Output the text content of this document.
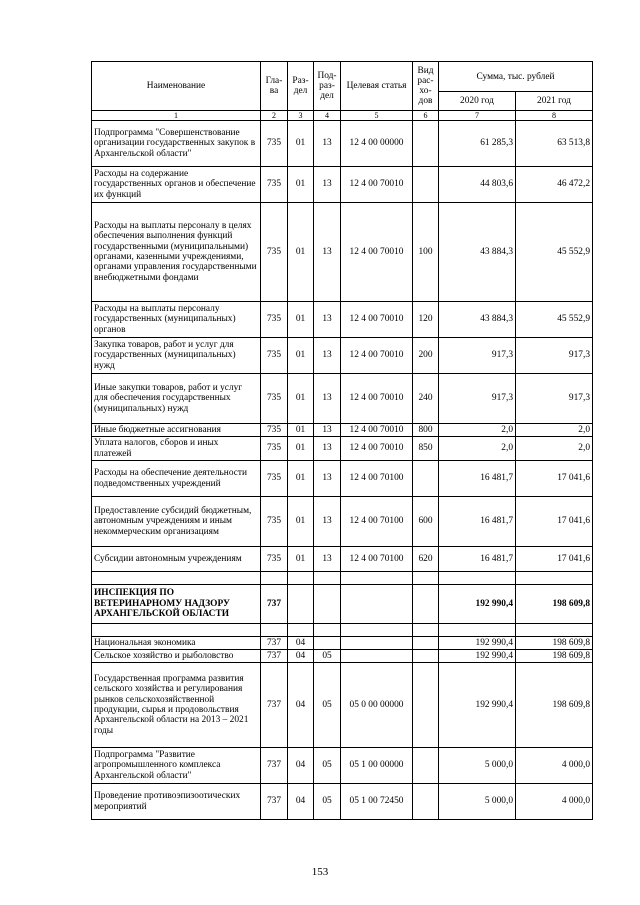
Наименование	Гла-ва	Раз-дел	Под-раз-дел	Целевая статья	Вид рас-хо-дов	Сумма, тыс. рублей	
						2020 год	2021 год
1	2	3	4	5	6	7	8
Подпрограмма "Совершенствование организации государственных закупок в Архангельской области"	735	01	13	12 4 00 00000		61 285,3	63 513,8
Расходы на содержание государственных органов и обеспечение их функций	735	01	13	12 4 00 70010		44 803,6	46 472,2
Расходы на выплаты персоналу в целях обеспечения выполнения функций государственными (муниципальными) органами, казенными учреждениями, органами управления государственными внебюджетными фондами	735	01	13	12 4 00 70010	100	43 884,3	45 552,9
Расходы на выплаты персоналу государственных (муниципальных) органов	735	01	13	12 4 00 70010	120	43 884,3	45 552,9
Закупка товаров, работ и услуг для государственных (муниципальных) нужд	735	01	13	12 4 00 70010	200	917,3	917,3
Иные закупки товаров, работ и услуг для обеспечения государственных (муниципальных) нужд	735	01	13	12 4 00 70010	240	917,3	917,3
Иные бюджетные ассигнования	735	01	13	12 4 00 70010	800	2,0	2,0
Уплата налогов, сборов и иных платежей	735	01	13	12 4 00 70010	850	2,0	2,0
Расходы на обеспечение деятельности подведомственных учреждений	735	01	13	12 4 00 70100		16 481,7	17 041,6
Предоставление субсидий бюджетным, автономным учреждениям и иным некоммерческим организациям	735	01	13	12 4 00 70100	600	16 481,7	17 041,6
Субсидии автономным учреждениям	735	01	13	12 4 00 70100	620	16 481,7	17 041,6

ИНСПЕКЦИЯ ПО ВЕТЕРИНАРНОМУ НАДЗОРУ АРХАНГЕЛЬСКОЙ ОБЛАСТИ	737					192 990,4	198 609,8

Национальная экономика	737	04				192 990,4	198 609,8
Сельское хозяйство и рыболовство	737	04	05			192 990,4	198 609,8
Государственная программа развития сельского хозяйства и регулирования рынков сельскохозяйственной продукции, сырья и продовольствия Архангельской области на 2013 – 2021 годы	737	04	05	05 0 00 00000		192 990,4	198 609,8
Подпрограмма "Развитие агропромышленного комплекса Архангельской области"	737	04	05	05 1 00 00000		5 000,0	4 000,0
Проведение противоэпизоотических мероприятий	737	04	05	05 1 00 72450		5 000,0	4 000,0
153
